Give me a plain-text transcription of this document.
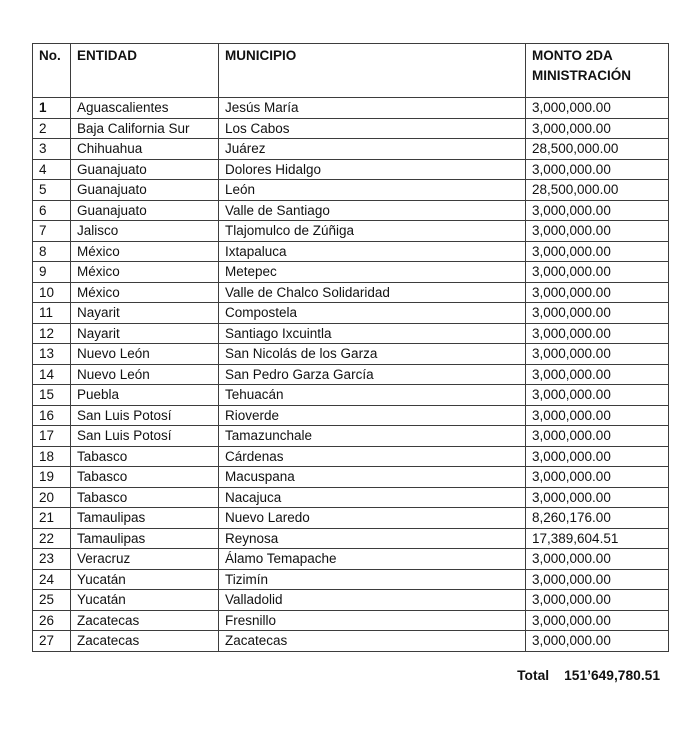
No.	ENTIDAD	MUNICIPIO	MONTO 2DA MINISTRACIÓN
1	Aguascalientes	Jesús María	3,000,000.00
2	Baja California Sur	Los Cabos	3,000,000.00
3	Chihuahua	Juárez	28,500,000.00
4	Guanajuato	Dolores Hidalgo	3,000,000.00
5	Guanajuato	León	28,500,000.00
6	Guanajuato	Valle de Santiago	3,000,000.00
7	Jalisco	Tlajomulco de Zúñiga	3,000,000.00
8	México	Ixtapaluca	3,000,000.00
9	México	Metepec	3,000,000.00
10	México	Valle de Chalco Solidaridad	3,000,000.00
11	Nayarit	Compostela	3,000,000.00
12	Nayarit	Santiago Ixcuintla	3,000,000.00
13	Nuevo León	San Nicolás de los Garza	3,000,000.00
14	Nuevo León	San Pedro Garza García	3,000,000.00
15	Puebla	Tehuacán	3,000,000.00
16	San Luis Potosí	Rioverde	3,000,000.00
17	San Luis Potosí	Tamazunchale	3,000,000.00
18	Tabasco	Cárdenas	3,000,000.00
19	Tabasco	Macuspana	3,000,000.00
20	Tabasco	Nacajuca	3,000,000.00
21	Tamaulipas	Nuevo Laredo	8,260,176.00
22	Tamaulipas	Reynosa	17,389,604.51
23	Veracruz	Álamo Temapache	3,000,000.00
24	Yucatán	Tizimín	3,000,000.00
25	Yucatán	Valladolid	3,000,000.00
26	Zacatecas	Fresnillo	3,000,000.00
27	Zacatecas	Zacatecas	3,000,000.00
Total 151’649,780.51
